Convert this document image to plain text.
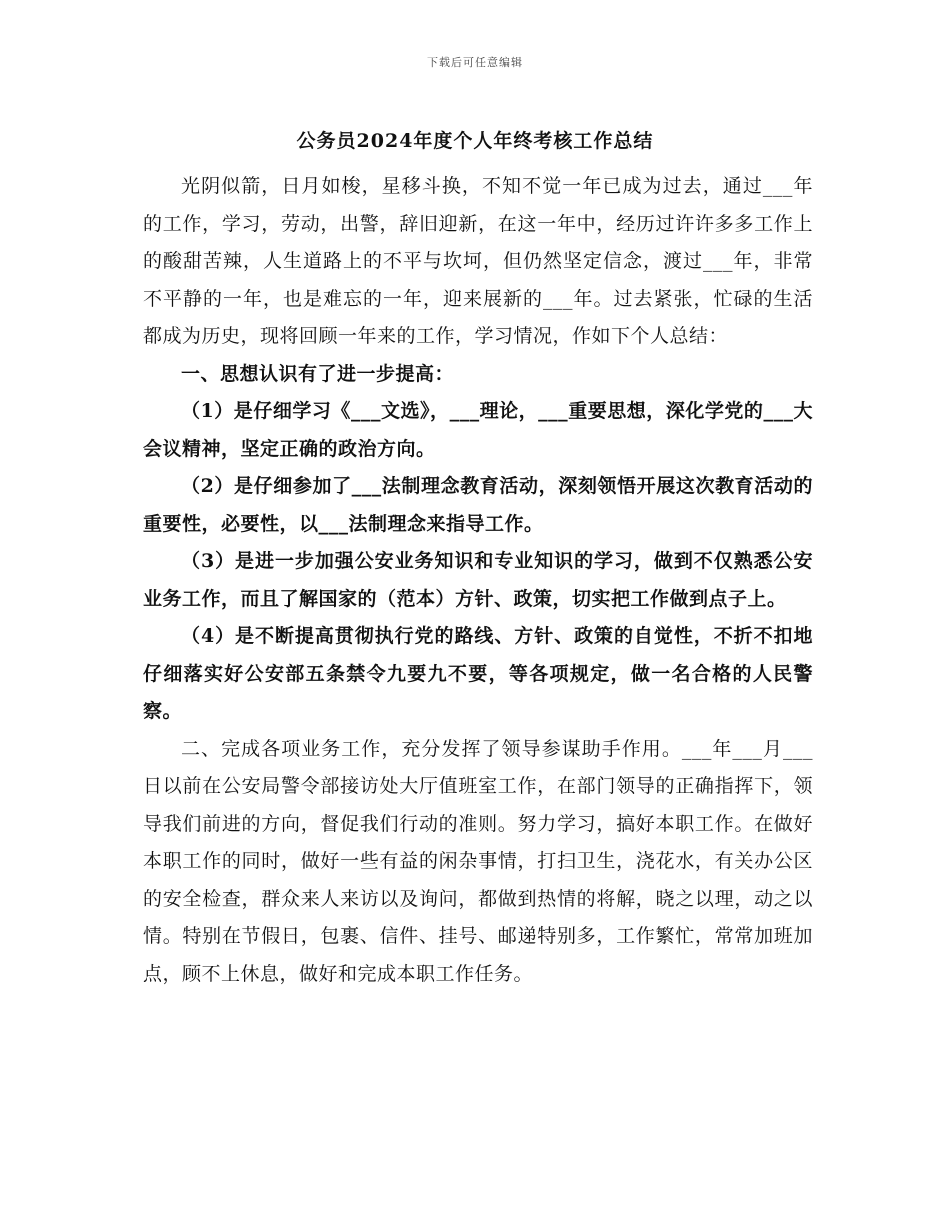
下载后可任意编辑
公务员2024年度个人年终考核工作总结

光阴似箭，日月如梭，星移斗换，不知不觉一年已成为过去，通过___年的工作，学习，劳动，出警，辞旧迎新，在这一年中，经历过许许多多工作上的酸甜苦辣，人生道路上的不平与坎坷，但仍然坚定信念，渡过___年，非常不平静的一年，也是难忘的一年，迎来展新的___年。过去紧张，忙碌的生活都成为历史，现将回顾一年来的工作，学习情况，作如下个人总结：

一、思想认识有了进一步提高：

（1）是仔细学习《___文选》，___理论，___重要思想，深化学党的___大会议精神，坚定正确的政治方向。

（2）是仔细参加了___法制理念教育活动，深刻领悟开展这次教育活动的重要性，必要性，以___法制理念来指导工作。

（3）是进一步加强公安业务知识和专业知识的学习，做到不仅熟悉公安业务工作，而且了解国家的（范本）方针、政策，切实把工作做到点子上。

（4）是不断提高贯彻执行党的路线、方针、政策的自觉性，不折不扣地仔细落实好公安部五条禁令九要九不要，等各项规定，做一名合格的人民警察。

二、完成各项业务工作，充分发挥了领导参谋助手作用。___年___月___日以前在公安局警令部接访处大厅值班室工作，在部门领导的正确指挥下，领导我们前进的方向，督促我们行动的准则。努力学习，搞好本职工作。在做好本职工作的同时，做好一些有益的闲杂事情，打扫卫生，浇花水，有关办公区的安全检查，群众来人来访以及询问，都做到热情的将解，晓之以理，动之以情。特别在节假日，包裹、信件、挂号、邮递特别多，工作繁忙，常常加班加点，顾不上休息，做好和完成本职工作任务。
